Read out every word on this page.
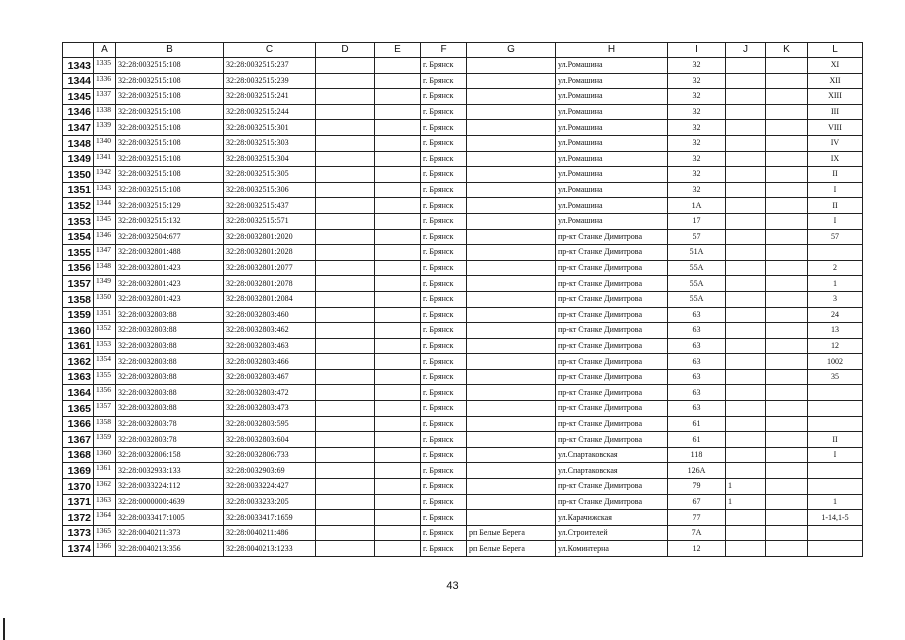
	A	B	C	D	E	F	G	H	I	J	K	L
1343	1335	32:28:0032515:108	32:28:0032515:237			г. Брянск		ул.Ромашина	32			XI
1344	1336	32:28:0032515:108	32:28:0032515:239			г. Брянск		ул.Ромашина	32			XII
1345	1337	32:28:0032515:108	32:28:0032515:241			г. Брянск		ул.Ромашина	32			XIII
1346	1338	32:28:0032515:108	32:28:0032515:244			г. Брянск		ул.Ромашина	32			III
1347	1339	32:28:0032515:108	32:28:0032515:301			г. Брянск		ул.Ромашина	32			VIII
1348	1340	32:28:0032515:108	32:28:0032515:303			г. Брянск		ул.Ромашина	32			IV
1349	1341	32:28:0032515:108	32:28:0032515:304			г. Брянск		ул.Ромашина	32			IX
1350	1342	32:28:0032515:108	32:28:0032515:305			г. Брянск		ул.Ромашина	32			II
1351	1343	32:28:0032515:108	32:28:0032515:306			г. Брянск		ул.Ромашина	32			I
1352	1344	32:28:0032515:129	32:28:0032515:437			г. Брянск		ул.Ромашина	1А			II
1353	1345	32:28:0032515:132	32:28:0032515:571			г. Брянск		ул.Ромашина	17			I
1354	1346	32:28:0032504:677	32:28:0032801:2020			г. Брянск		пр-кт Станке Димитрова	57			57
1355	1347	32:28:0032801:488	32:28:0032801:2028			г. Брянск		пр-кт Станке Димитрова	51А			
1356	1348	32:28:0032801:423	32:28:0032801:2077			г. Брянск		пр-кт Станке Димитрова	55А			2
1357	1349	32:28:0032801:423	32:28:0032801:2078			г. Брянск		пр-кт Станке Димитрова	55А			1
1358	1350	32:28:0032801:423	32:28:0032801:2084			г. Брянск		пр-кт Станке Димитрова	55А			3
1359	1351	32:28:0032803:88	32:28:0032803:460			г. Брянск		пр-кт Станке Димитрова	63			24
1360	1352	32:28:0032803:88	32:28:0032803:462			г. Брянск		пр-кт Станке Димитрова	63			13
1361	1353	32:28:0032803:88	32:28:0032803:463			г. Брянск		пр-кт Станке Димитрова	63			12
1362	1354	32:28:0032803:88	32:28:0032803:466			г. Брянск		пр-кт Станке Димитрова	63			1002
1363	1355	32:28:0032803:88	32:28:0032803:467			г. Брянск		пр-кт Станке Димитрова	63			35
1364	1356	32:28:0032803:88	32:28:0032803:472			г. Брянск		пр-кт Станке Димитрова	63			
1365	1357	32:28:0032803:88	32:28:0032803:473			г. Брянск		пр-кт Станке Димитрова	63			
1366	1358	32:28:0032803:78	32:28:0032803:595			г. Брянск		пр-кт Станке Димитрова	61			
1367	1359	32:28:0032803:78	32:28:0032803:604			г. Брянск		пр-кт Станке Димитрова	61			II
1368	1360	32:28:0032806:158	32:28:0032806:733			г. Брянск		ул.Спартаковская	118			I
1369	1361	32:28:0032933:133	32:28:0032903:69			г. Брянск		ул.Спартаковская	126А			
1370	1362	32:28:0033224:112	32:28:0033224:427			г. Брянск		пр-кт Станке Димитрова	79	1		
1371	1363	32:28:0000000:4639	32:28:0033233:205			г. Брянск		пр-кт Станке Димитрова	67	1		1
1372	1364	32:28:0033417:1005	32:28:0033417:1659			г. Брянск		ул.Карачижская	77			1-14,1-5
1373	1365	32:28:0040211:373	32:28:0040211:486			г. Брянск	рп Белые Берега	ул.Строителей	7А			
1374	1366	32:28:0040213:356	32:28:0040213:1233			г. Брянск	рп Белые Берега	ул.Коминтерна	12			
43
